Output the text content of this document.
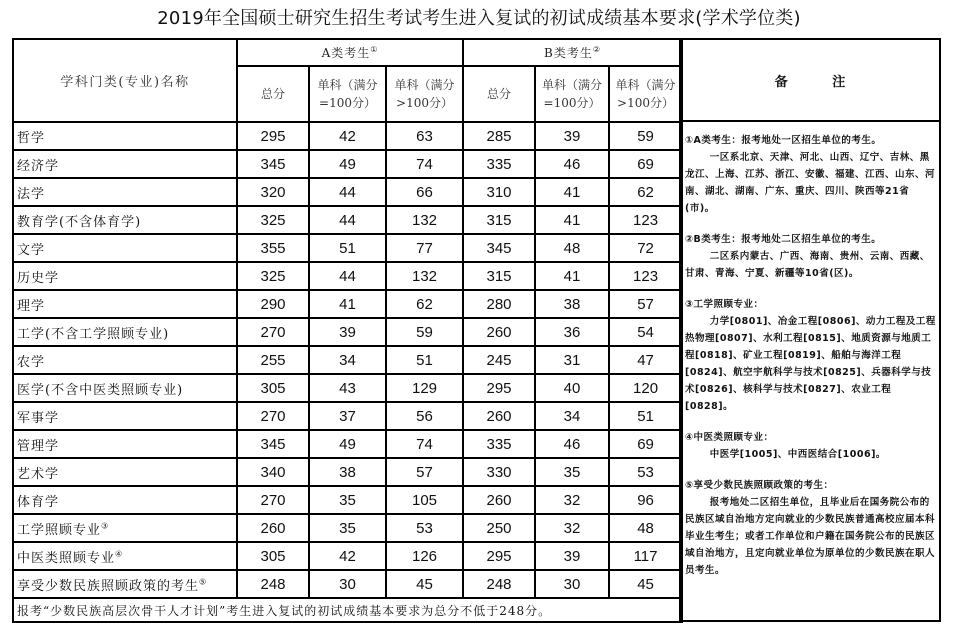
2019年全国硕士研究生招生考试考生进入复试的初试成绩基本要求(学术学位类)
学科门类(专业)名称	A类考生①			B类考生②
	总分	单科（满分=100分）	单科（满分>100分）	总分	单科（满分=100分）	单科（满分>100分）
哲学	295	42	63	285	39	59
经济学	345	49	74	335	46	69
法学	320	44	66	310	41	62
教育学(不含体育学)	325	44	132	315	41	123
文学	355	51	77	345	48	72
历史学	325	44	132	315	41	123
理学	290	41	62	280	38	57
工学(不含工学照顾专业)	270	39	59	260	36	54
农学	255	34	51	245	31	47
医学(不含中医类照顾专业)	305	43	129	295	40	120
军事学	270	37	56	260	34	51
管理学	345	49	74	335	46	69
艺术学	340	38	57	330	35	53
体育学	270	35	105	260	32	96
工学照顾专业③	260	35	53	250	32	48
中医类照顾专业④	305	42	126	295	39	117
享受少数民族照顾政策的考生⑤	248	30	45	248	30	45
报考“少数民族高层次骨干人才计划”考生进入复试的初试成绩基本要求为总分不低于248分。						
备 注
①A类考生：报考地处一区招生单位的考生。
一区系北京、天津、河北、山西、辽宁、吉林、黑龙江、上海、江苏、浙江、安徽、福建、江西、山东、河南、湖北、湖南、广东、重庆、四川、陕西等21省(市)。
②B类考生：报考地处二区招生单位的考生。
二区系内蒙古、广西、海南、贵州、云南、西藏、甘肃、青海、宁夏、新疆等10省(区)。
③工学照顾专业：
力学[0801]、冶金工程[0806]、动力工程及工程热物理[0807]、水利工程[0815]、地质资源与地质工程[0818]、矿业工程[0819]、船舶与海洋工程[0824]、航空宇航科学与技术[0825]、兵器科学与技术[0826]、核科学与技术[0827]、农业工程[0828]。
④中医类照顾专业：
中医学[1005]、中西医结合[1006]。
⑤享受少数民族照顾政策的考生：
报考地处二区招生单位，且毕业后在国务院公布的民族区域自治地方定向就业的少数民族普通高校应届本科毕业生考生；或者工作单位和户籍在国务院公布的民族区域自治地方，且定向就业单位为原单位的少数民族在职人员考生。
